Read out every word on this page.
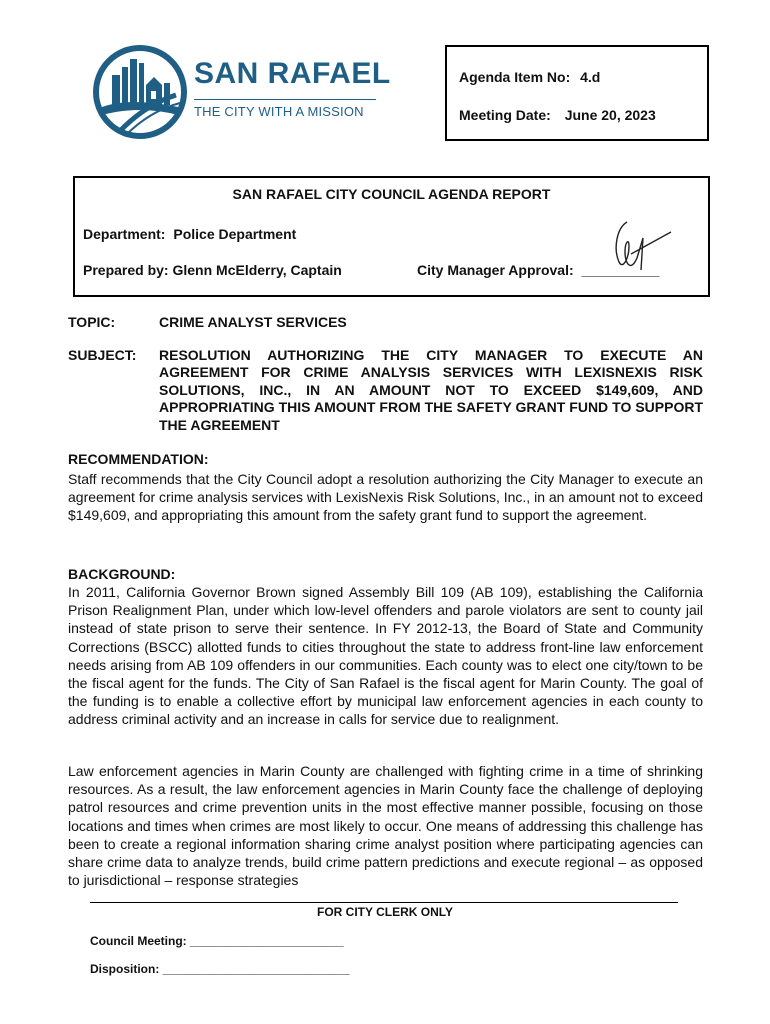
SAN RAFAEL
THE CITY WITH A MISSION
Agenda Item No: 4.d
Meeting Date: June 20, 2023
SAN RAFAEL CITY COUNCIL AGENDA REPORT
Department: Police Department
Prepared by: Glenn McElderry, Captain	City Manager Approval: __________
TOPIC:	CRIME ANALYST SERVICES
SUBJECT: RESOLUTION AUTHORIZING THE CITY MANAGER TO EXECUTE AN AGREEMENT FOR CRIME ANALYSIS SERVICES WITH LEXISNEXIS RISK SOLUTIONS, INC., IN AN AMOUNT NOT TO EXCEED $149,609, AND APPROPRIATING THIS AMOUNT FROM THE SAFETY GRANT FUND TO SUPPORT THE AGREEMENT
RECOMMENDATION:
Staff recommends that the City Council adopt a resolution authorizing the City Manager to execute an agreement for crime analysis services with LexisNexis Risk Solutions, Inc., in an amount not to exceed $149,609, and appropriating this amount from the safety grant fund to support the agreement.
BACKGROUND:
In 2011, California Governor Brown signed Assembly Bill 109 (AB 109), establishing the California Prison Realignment Plan, under which low-level offenders and parole violators are sent to county jail instead of state prison to serve their sentence. In FY 2012-13, the Board of State and Community Corrections (BSCC) allotted funds to cities throughout the state to address front-line law enforcement needs arising from AB 109 offenders in our communities. Each county was to elect one city/town to be the fiscal agent for the funds. The City of San Rafael is the fiscal agent for Marin County. The goal of the funding is to enable a collective effort by municipal law enforcement agencies in each county to address criminal activity and an increase in calls for service due to realignment.
Law enforcement agencies in Marin County are challenged with fighting crime in a time of shrinking resources. As a result, the law enforcement agencies in Marin County face the challenge of deploying patrol resources and crime prevention units in the most effective manner possible, focusing on those locations and times when crimes are most likely to occur. One means of addressing this challenge has been to create a regional information sharing crime analyst position where participating agencies can share crime data to analyze trends, build crime pattern predictions and execute regional – as opposed to jurisdictional – response strategies
FOR CITY CLERK ONLY
Council Meeting: _______________________
Disposition: ____________________________
